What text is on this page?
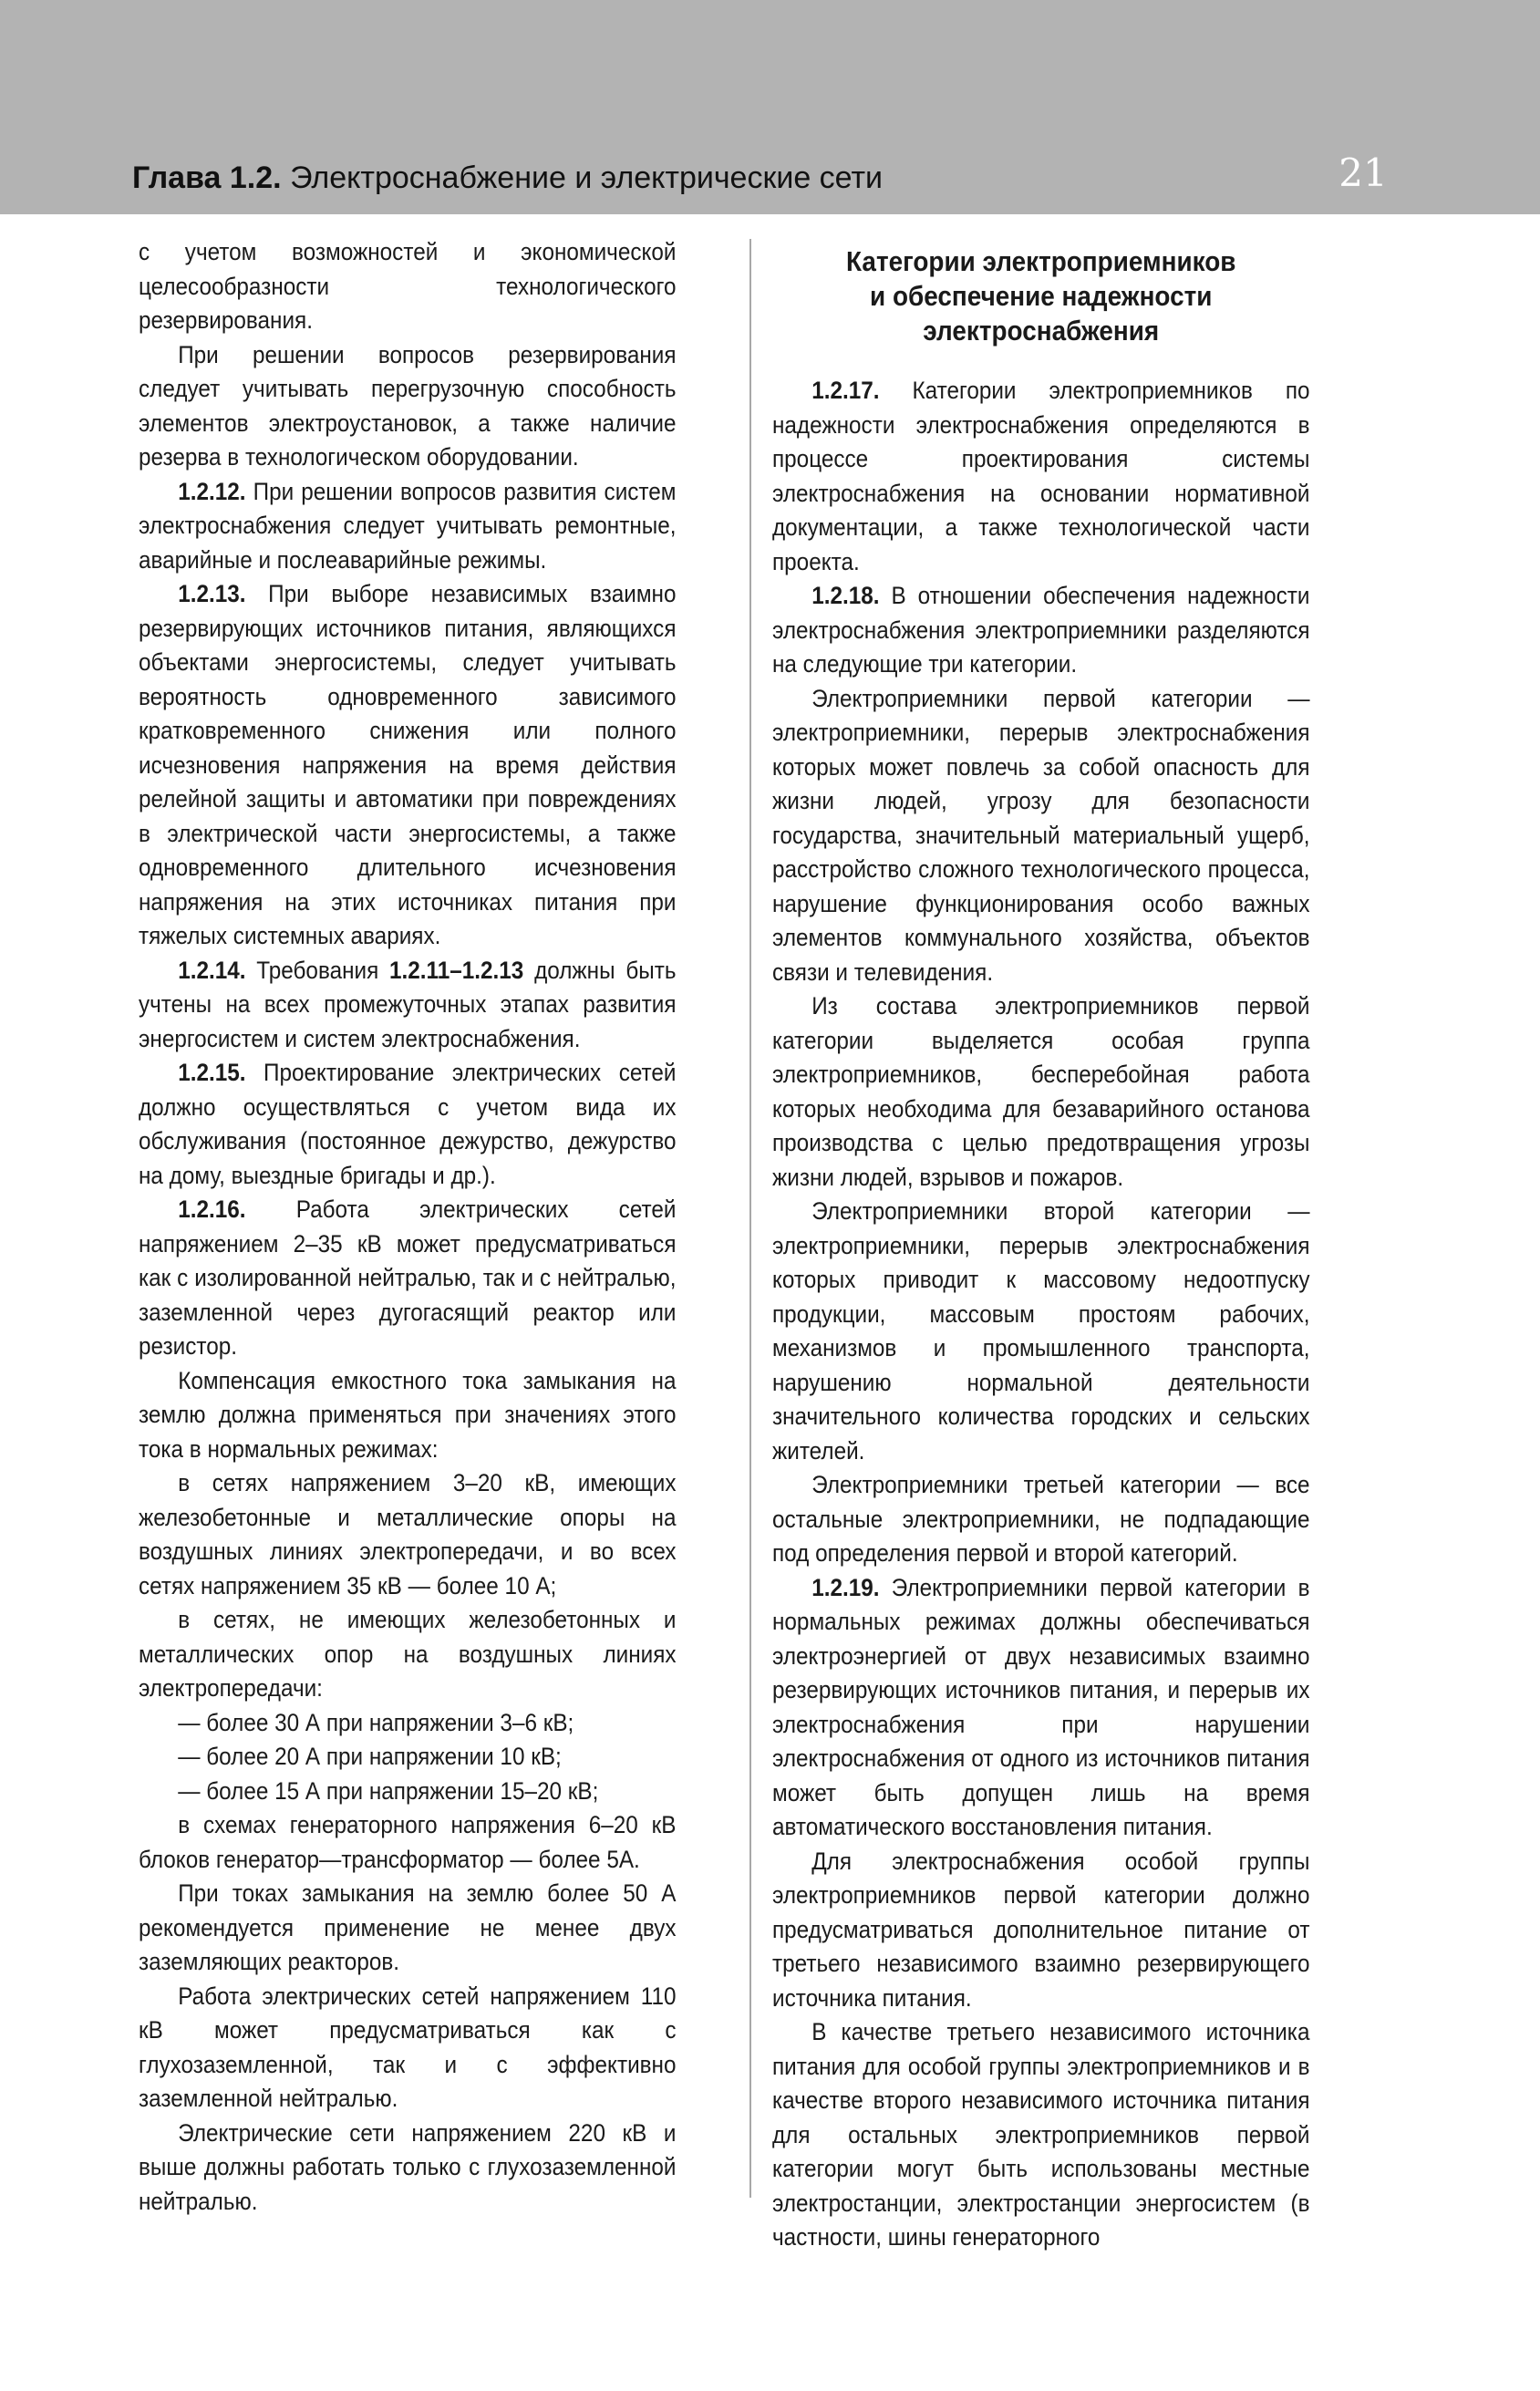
Глава 1.2. Электроснабжение и электрические сети	21

с учетом возможностей и экономической целесообразности технологического резервирования.

При решении вопросов резервирования следует учитывать перегрузочную способность элементов электроустановок, а также наличие резерва в технологическом оборудовании.

1.2.12. При решении вопросов развития систем электроснабжения следует учитывать ремонтные, аварийные и послеаварийные режимы.

1.2.13. При выборе независимых взаимно резервирующих источников питания, являющихся объектами энергосистемы, следует учитывать вероятность одновременного зависимого кратковременного снижения или полного исчезновения напряжения на время действия релейной защиты и автоматики при повреждениях в электрической части энергосистемы, а также одновременного длительного исчезновения напряжения на этих источниках питания при тяжелых системных авариях.

1.2.14. Требования 1.2.11–1.2.13 должны быть учтены на всех промежуточных этапах развития энергосистем и систем электроснабжения.

1.2.15. Проектирование электрических сетей должно осуществляться с учетом вида их обслуживания (постоянное дежурство, дежурство на дому, выездные бригады и др.).

1.2.16. Работа электрических сетей напряжением 2–35 кВ может предусматриваться как с изолированной нейтралью, так и с нейтралью, заземленной через дугогасящий реактор или резистор.

Компенсация емкостного тока замыкания на землю должна применяться при значениях этого тока в нормальных режимах:

в сетях напряжением 3–20 кВ, имеющих железобетонные и металлические опоры на воздушных линиях электропередачи, и во всех сетях напряжением 35 кВ — более 10 А;

в сетях, не имеющих железобетонных и металлических опор на воздушных линиях электропередачи:

— более 30 А при напряжении 3–6 кВ;

— более 20 А при напряжении 10 кВ;

— более 15 А при напряжении 15–20 кВ;

в схемах генераторного напряжения 6–20 кВ блоков генератор—трансформатор — более 5А.

При токах замыкания на землю более 50 А рекомендуется применение не менее двух заземляющих реакторов.

Работа электрических сетей напряжением 110 кВ может предусматриваться как с глухозаземленной, так и с эффективно заземленной нейтралью.

Электрические сети напряжением 220 кВ и выше должны работать только с глухозаземленной нейтралью.

Категории электроприемников
и обеспечение надежности
электроснабжения

1.2.17. Категории электроприемников по надежности электроснабжения определяются в процессе проектирования системы электроснабжения на основании нормативной документации, а также технологической части проекта.

1.2.18. В отношении обеспечения надежности электроснабжения электроприемники разделяются на следующие три категории.

Электроприемники первой категории — электроприемники, перерыв электроснабжения которых может повлечь за собой опасность для жизни людей, угрозу для безопасности государства, значительный материальный ущерб, расстройство сложного технологического процесса, нарушение функционирования особо важных элементов коммунального хозяйства, объектов связи и телевидения.

Из состава электроприемников первой категории выделяется особая группа электроприемников, бесперебойная работа которых необходима для безаварийного останова производства с целью предотвращения угрозы жизни людей, взрывов и пожаров.

Электроприемники второй категории — электроприемники, перерыв электроснабжения которых приводит к массовому недоотпуску продукции, массовым простоям рабочих, механизмов и промышленного транспорта, нарушению нормальной деятельности значительного количества городских и сельских жителей.

Электроприемники третьей категории — все остальные электроприемники, не подпадающие под определения первой и второй категорий.

1.2.19. Электроприемники первой категории в нормальных режимах должны обеспечиваться электроэнергией от двух независимых взаимно резервирующих источников питания, и перерыв их электроснабжения при нарушении электроснабжения от одного из источников питания может быть допущен лишь на время автоматического восстановления питания.

Для электроснабжения особой группы электроприемников первой категории должно предусматриваться дополнительное питание от третьего независимого взаимно резервирующего источника питания.

В качестве третьего независимого источника питания для особой группы электроприемников и в качестве второго независимого источника питания для остальных электроприемников первой категории могут быть использованы местные электростанции, электростанции энергосистем (в частности, шины генераторного
